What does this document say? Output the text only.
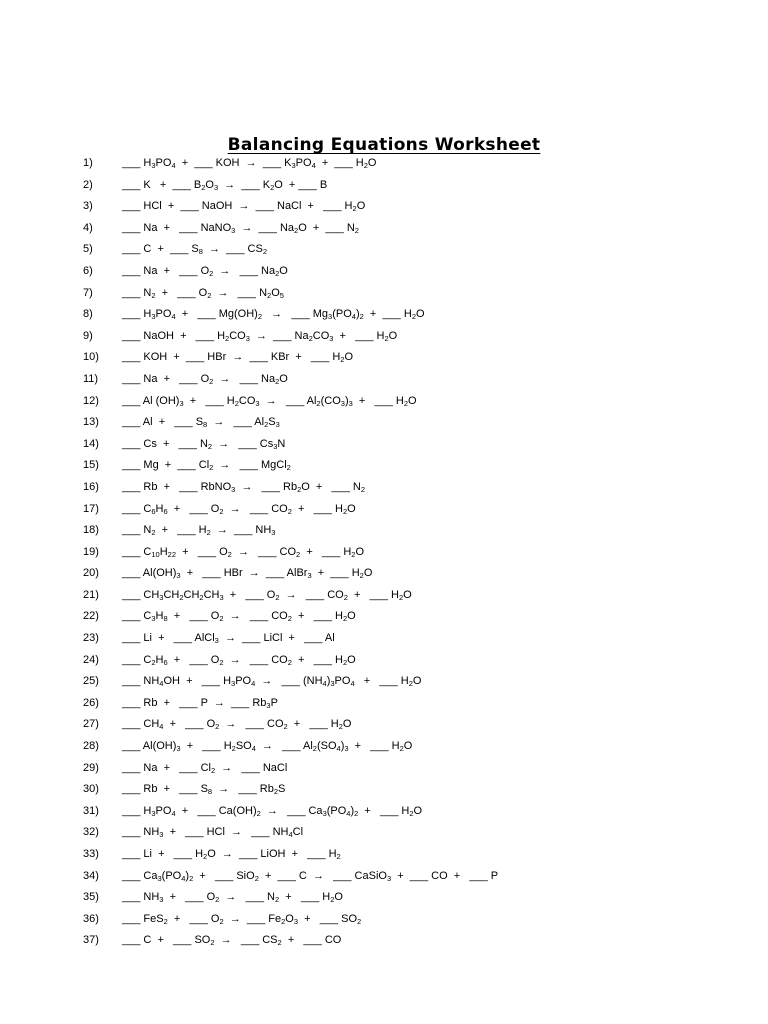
Balancing Equations Worksheet
1)	___ $H_3PO_4$  +  ___ KOH  →  ___ $K_3PO_4$  +  ___ $H_2O$
2)	___ K   +  ___ $B_2O_3$  →  ___ $K_2O$  + ___ B
3)	___ HCl  +  ___ NaOH  →  ___ NaCl  +   ___ $H_2O$
4)	___ Na  +   ___ NaNO$_3$  →  ___ $Na_2O$  +  ___ $N_2$
5)	___ C  +  ___ $S_8$  →  ___ $CS_2$
6)	___ Na  +   ___ $O_2$  →   ___ $Na_2O$
7)	___ $N_2$  +   ___ $O_2$  →   ___ $N_2O_5$
8)	___ $H_3PO_4$  +   ___ $Mg(OH)_2$   →   ___ $Mg_3(PO_4)_2$  +  ___ $H_2O$
9)	___ NaOH  +   ___ $H_2CO_3$  →  ___ $Na_2CO_3$  +   ___ $H_2O$
10) ___ KOH  +  ___ HBr  →  ___ KBr  +   ___ $H_2O$
11) ___ Na  +   ___ $O_2$  →   ___ $Na_2O$
12) ___ Al $(OH)_3$  +   ___ $H_2CO_3$  →   ___ $Al_2(CO_3)_3$  +   ___ $H_2O$
13) ___ Al  +   ___ $S_8$  →   ___ $Al_2S_3$
14) ___ Cs  +   ___ $N_2$  →   ___ $Cs_3N$
15) ___ Mg  +  ___ $Cl_2$  →   ___ MgCl$_2$
16) ___ Rb  +   ___ RbNO$_3$  →   ___ $Rb_2O$  +   ___ $N_2$
17) ___ $C_6H_6$  +   ___ $O_2$  →   ___ $CO_2$  +   ___ $H_2O$
18) ___ $N_2$  +   ___ $H_2$  →  ___ $NH_3$
19) ___ $C_{10}H_{22}$  +   ___ $O_2$  →   ___ $CO_2$  +   ___ $H_2O$
20) ___ $Al(OH)_3$  +   ___ HBr  →  ___ AlBr$_3$  +  ___ $H_2O$
21) ___ $CH_3CH_2CH_2CH_3$  +   ___ $O_2$  →   ___ $CO_2$  +   ___ $H_2O$
22) ___ $C_3H_8$  +   ___ $O_2$  →   ___ $CO_2$  +   ___ $H_2O$
23) ___ Li  +   ___ AlCl$_3$  →  ___ LiCl  +   ___ Al
24) ___ $C_2H_6$  +   ___ $O_2$  →   ___ $CO_2$  +   ___ $H_2O$
25) ___ $NH_4OH$  +   ___ $H_3PO_4$  →   ___ $(NH_4)_3PO_4$   +   ___ $H_2O$
26) ___ Rb  +   ___ P  →  ___ $Rb_3P$
27) ___ $CH_4$  +   ___ $O_2$  →   ___ $CO_2$  +   ___ $H_2O$
28) ___ $Al(OH)_3$  +   ___ $H_2SO_4$  →   ___ $Al_2(SO_4)_3$  +   ___ $H_2O$
29) ___ Na  +   ___ $Cl_2$  →   ___ NaCl
30) ___ Rb  +   ___ $S_8$  →   ___ $Rb_2S$
31) ___ $H_3PO_4$  +   ___ $Ca(OH)_2$  →   ___ $Ca_3(PO_4)_2$  +   ___ $H_2O$
32) ___ $NH_3$  +   ___ HCl  →   ___ $NH_4Cl$
33) ___ Li  +   ___ $H_2O$  →  ___ LiOH  +   ___ $H_2$
34) ___ $Ca_3(PO_4)_2$  +   ___ SiO$_2$  +  ___ C  →   ___ CaSiO$_3$  +  ___ CO  +   ___ P
35) ___ $NH_3$  +   ___ $O_2$  →   ___ $N_2$  +   ___ $H_2O$
36) ___ FeS$_2$  +   ___ $O_2$  →  ___ $Fe_2O_3$  +   ___ $SO_2$
37) ___ C  +   ___ $SO_2$  →   ___ $CS_2$  +   ___ CO
